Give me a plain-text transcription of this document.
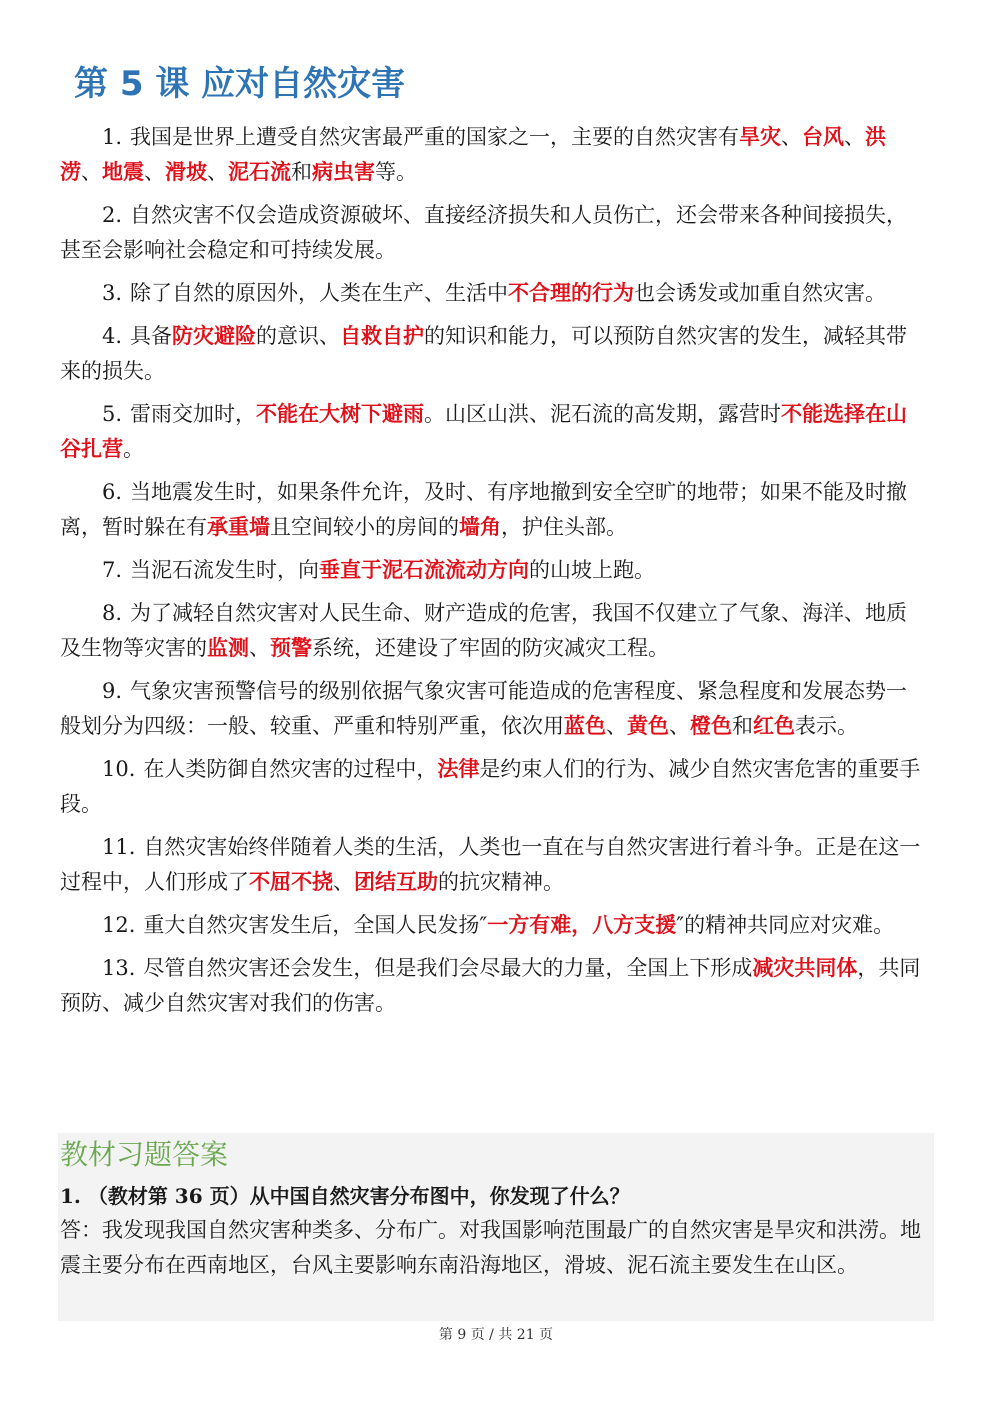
第 5 课 应对自然灾害
1. 我国是世界上遭受自然灾害最严重的国家之一，主要的自然灾害有旱灾、台风、洪涝、地震、滑坡、泥石流和病虫害等。
2. 自然灾害不仅会造成资源破坏、直接经济损失和人员伤亡，还会带来各种间接损失，甚至会影响社会稳定和可持续发展。
3. 除了自然的原因外，人类在生产、生活中不合理的行为也会诱发或加重自然灾害。
4. 具备防灾避险的意识、自救自护的知识和能力，可以预防自然灾害的发生，减轻其带来的损失。
5. 雷雨交加时，不能在大树下避雨。山区山洪、泥石流的高发期，露营时不能选择在山谷扎营。
6. 当地震发生时，如果条件允许，及时、有序地撤到安全空旷的地带；如果不能及时撤离，暂时躲在有承重墙且空间较小的房间的墙角，护住头部。
7. 当泥石流发生时，向垂直于泥石流流动方向的山坡上跑。
8. 为了减轻自然灾害对人民生命、财产造成的危害，我国不仅建立了气象、海洋、地质及生物等灾害的监测、预警系统，还建设了牢固的防灾减灾工程。
9. 气象灾害预警信号的级别依据气象灾害可能造成的危害程度、紧急程度和发展态势一般划分为四级：一般、较重、严重和特别严重，依次用蓝色、黄色、橙色和红色表示。
10. 在人类防御自然灾害的过程中，法律是约束人们的行为、减少自然灾害危害的重要手段。
11. 自然灾害始终伴随着人类的生活，人类也一直在与自然灾害进行着斗争。正是在这一过程中，人们形成了不屈不挠、团结互助的抗灾精神。
12. 重大自然灾害发生后，全国人民发扬″一方有难，八方支援″的精神共同应对灾难。
13. 尽管自然灾害还会发生，但是我们会尽最大的力量，全国上下形成减灾共同体，共同预防、减少自然灾害对我们的伤害。
教材习题答案
1. （教材第 36 页）从中国自然灾害分布图中，你发现了什么？
答：我发现我国自然灾害种类多、分布广。对我国影响范围最广的自然灾害是旱灾和洪涝。地震主要分布在西南地区，台风主要影响东南沿海地区，滑坡、泥石流主要发生在山区。
第 9 页 / 共 21 页
